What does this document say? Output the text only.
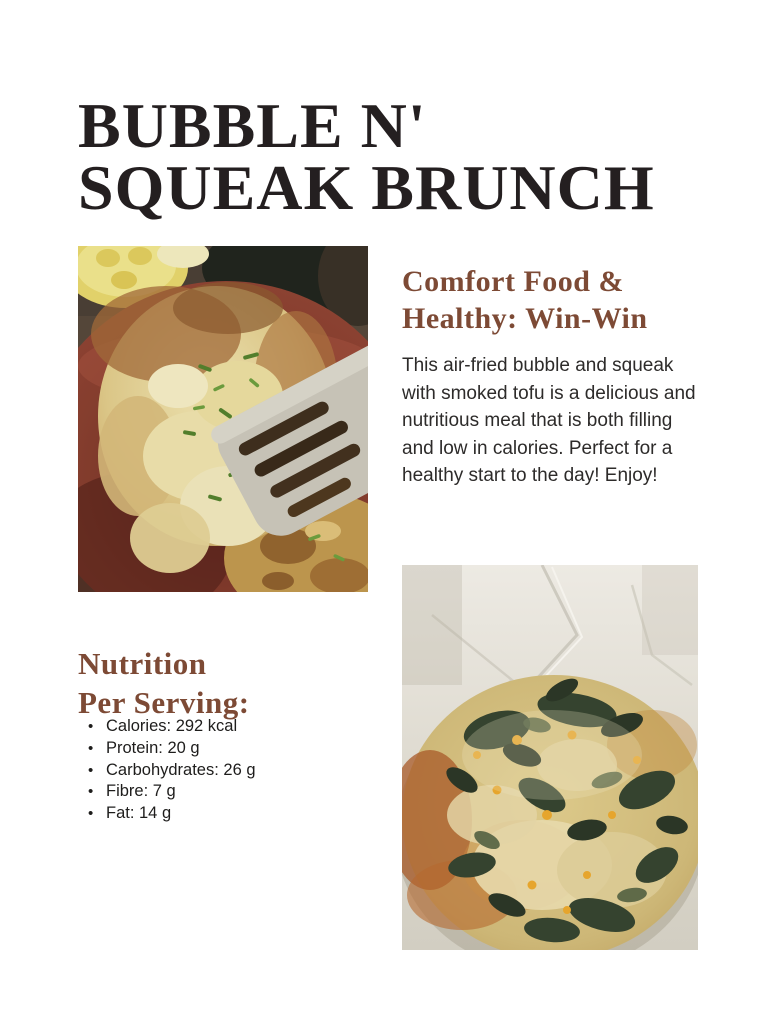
BUBBLE N'
SQUEAK BRUNCH
Comfort Food &
Healthy: Win-Win

This air-fried bubble and squeak with smoked tofu is a delicious and nutritious meal that is both filling and low in calories. Perfect for a healthy start to the day! Enjoy!

Nutrition
Per Serving:
• Calories: 292 kcal
• Protein: 20 g
• Carbohydrates: 26 g
• Fibre: 7 g
• Fat: 14 g
